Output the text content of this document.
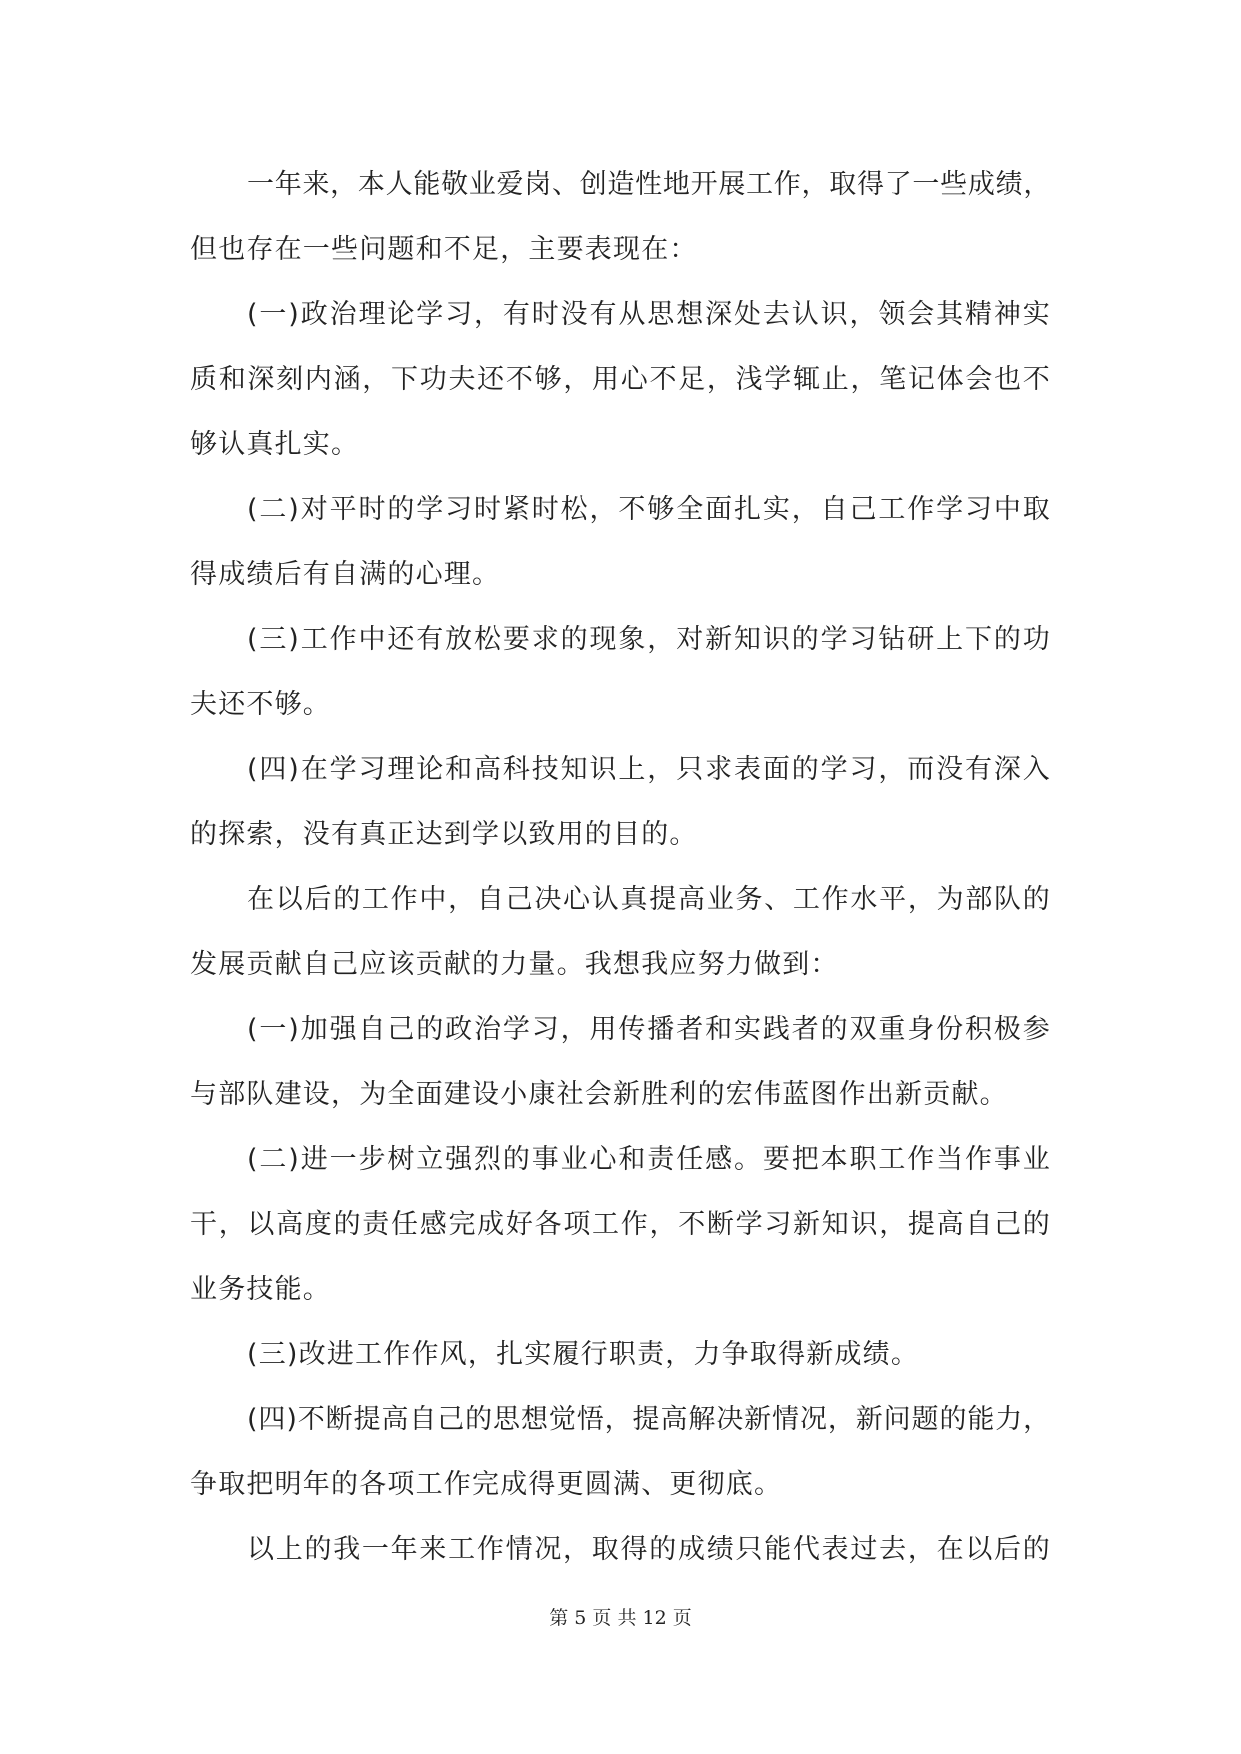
一年来，本人能敬业爱岗、创造性地开展工作，取得了一些成绩，
但也存在一些问题和不足，主要表现在：
(一)政治理论学习，有时没有从思想深处去认识，领会其精神实
质和深刻内涵，下功夫还不够，用心不足，浅学辄止，笔记体会也不
够认真扎实。
(二)对平时的学习时紧时松，不够全面扎实，自己工作学习中取
得成绩后有自满的心理。
(三)工作中还有放松要求的现象，对新知识的学习钻研上下的功
夫还不够。
(四)在学习理论和高科技知识上，只求表面的学习，而没有深入
的探索，没有真正达到学以致用的目的。
在以后的工作中，自己决心认真提高业务、工作水平，为部队的
发展贡献自己应该贡献的力量。我想我应努力做到：
(一)加强自己的政治学习，用传播者和实践者的双重身份积极参
与部队建设，为全面建设小康社会新胜利的宏伟蓝图作出新贡献。
(二)进一步树立强烈的事业心和责任感。要把本职工作当作事业
干，以高度的责任感完成好各项工作，不断学习新知识，提高自己的
业务技能。
(三)改进工作作风，扎实履行职责，力争取得新成绩。
(四)不断提高自己的思想觉悟，提高解决新情况，新问题的能力，
争取把明年的各项工作完成得更圆满、更彻底。
以上的我一年来工作情况，取得的成绩只能代表过去，在以后的
第 5 页 共 12 页
